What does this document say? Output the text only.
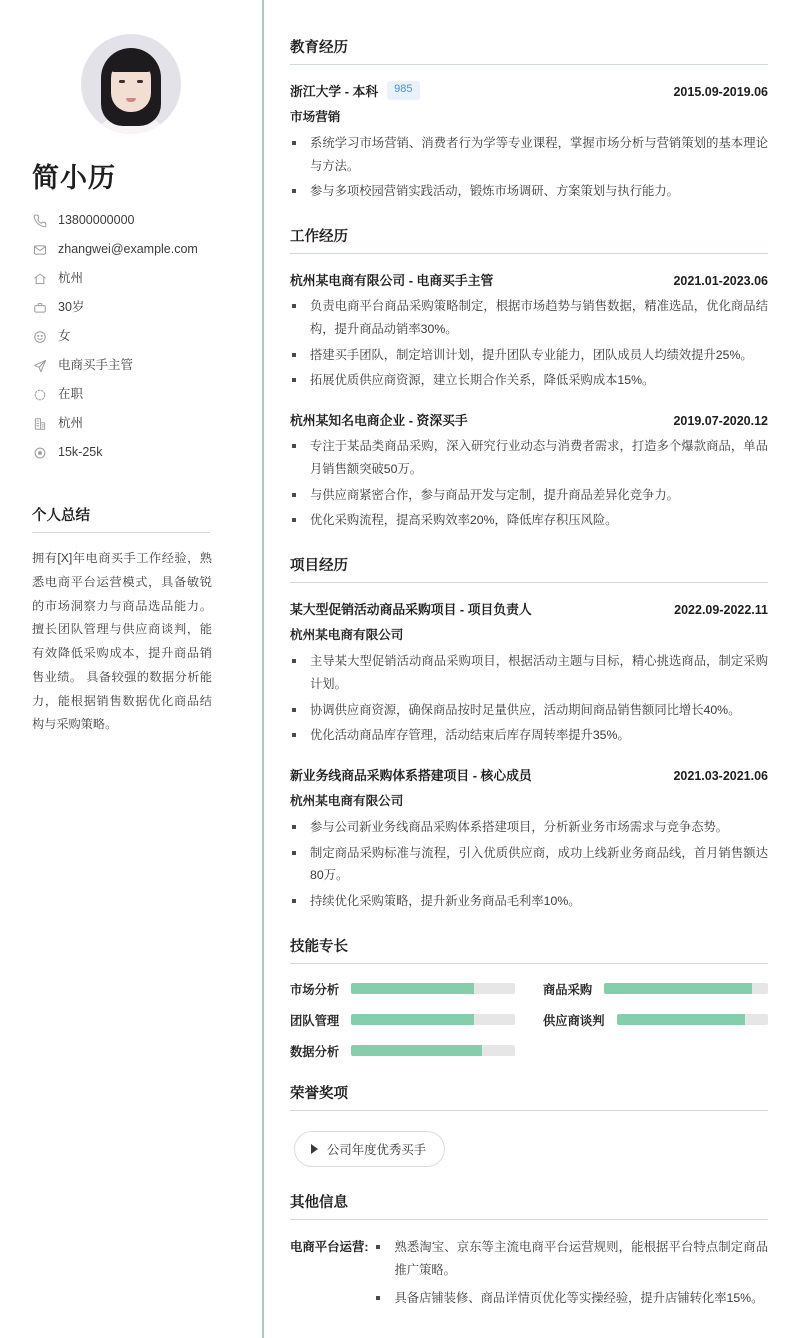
简小历
13800000000
zhangwei@example.com
杭州
30岁
女
电商买手主管
在职
杭州
15k-25k
个人总结

拥有[X]年电商买手工作经验，熟悉电商平台运营模式，具备敏锐的市场洞察力与商品选品能力。 擅长团队管理与供应商谈判，能有效降低采购成本，提升商品销售业绩。 具备较强的数据分析能力，能根据销售数据优化商品结构与采购策略。

教育经历
浙江大学 - 本科	985	2015.09-2019.06
市场营销
系统学习市场营销、消费者行为学等专业课程，掌握市场分析与营销策划的基本理论与方法。
参与多项校园营销实践活动，锻炼市场调研、方案策划与执行能力。
工作经历
杭州某电商有限公司 - 电商买手主管	2021.01-2023.06
负责电商平台商品采购策略制定，根据市场趋势与销售数据，精准选品，优化商品结构，提升商品动销率30%。
搭建买手团队，制定培训计划，提升团队专业能力，团队成员人均绩效提升25%。
拓展优质供应商资源，建立长期合作关系，降低采购成本15%。
杭州某知名电商企业 - 资深买手	2019.07-2020.12
专注于某品类商品采购，深入研究行业动态与消费者需求，打造多个爆款商品，单品月销售额突破50万。
与供应商紧密合作，参与商品开发与定制，提升商品差异化竞争力。
优化采购流程，提高采购效率20%，降低库存积压风险。
项目经历
某大型促销活动商品采购项目 - 项目负责人	2022.09-2022.11
杭州某电商有限公司
主导某大型促销活动商品采购项目，根据活动主题与目标，精心挑选商品，制定采购计划。
协调供应商资源，确保商品按时足量供应，活动期间商品销售额同比增长40%。
优化活动商品库存管理，活动结束后库存周转率提升35%。
新业务线商品采购体系搭建项目 - 核心成员	2021.03-2021.06
杭州某电商有限公司
参与公司新业务线商品采购体系搭建项目，分析新业务市场需求与竞争态势。
制定商品采购标准与流程，引入优质供应商，成功上线新业务商品线，首月销售额达80万。
持续优化采购策略，提升新业务商品毛利率10%。
技能专长
市场分析	商品采购
团队管理	供应商谈判
数据分析
荣誉奖项
公司年度优秀买手
其他信息
电商平台运营:	熟悉淘宝、京东等主流电商平台运营规则，能根据平台特点制定商品推广策略。
具备店铺装修、商品详情页优化等实操经验，提升店铺转化率15%。
